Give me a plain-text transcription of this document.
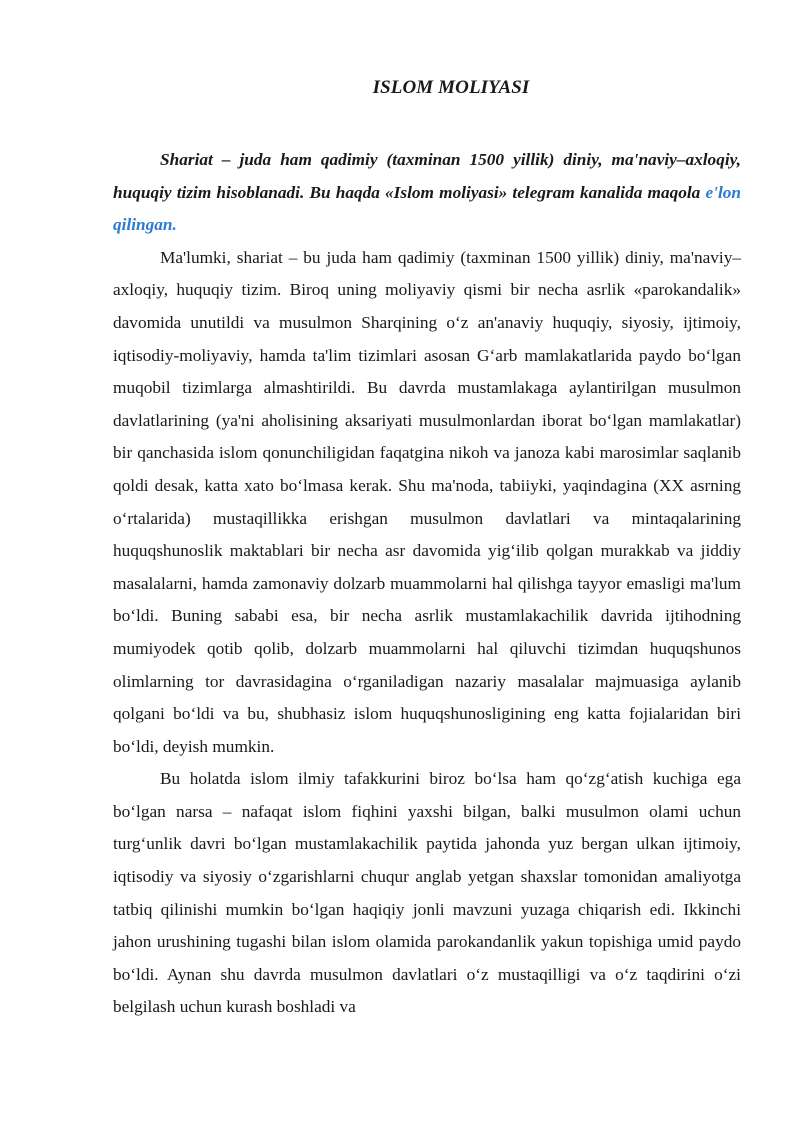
ISLOM MOLIYASI

Shariat – juda ham qadimiy (taxminan 1500 yillik) diniy, ma'naviy–axloqiy, huquqiy tizim hisoblanadi. Bu haqda «Islom moliyasi» telegram kanalida maqola e'lon qilingan.

Ma'lumki, shariat – bu juda ham qadimiy (taxminan 1500 yillik) diniy, ma'naviy–axloqiy, huquqiy tizim. Biroq uning moliyaviy qismi bir necha asrlik «parokandalik» davomida unutildi va musulmon Sharqining o‘z an'anaviy huquqiy, siyosiy, ijtimoiy, iqtisodiy-moliyaviy, hamda ta'lim tizimlari asosan G‘arb mamlakatlarida paydo bo‘lgan muqobil tizimlarga almashtirildi. Bu davrda mustamlakaga aylantirilgan musulmon davlatlarining (ya'ni aholisining aksariyati musulmonlardan iborat bo‘lgan mamlakatlar) bir qanchasida islom qonunchiligidan faqatgina nikoh va janoza kabi marosimlar saqlanib qoldi desak, katta xato bo‘lmasa kerak. Shu ma'noda, tabiiyki, yaqindagina (XX asrning o‘rtalarida) mustaqillikka erishgan musulmon davlatlari va mintaqalarining huquqshunoslik maktablari bir necha asr davomida yig‘ilib qolgan murakkab va jiddiy masalalarni, hamda zamonaviy dolzarb muammolarni hal qilishga tayyor emasligi ma'lum bo‘ldi. Buning sababi esa, bir necha asrlik mustamlakachilik davrida ijtihodning mumiyodek qotib qolib, dolzarb muammolarni hal qiluvchi tizimdan huquqshunos olimlarning tor davrasidagina o‘rganiladigan nazariy masalalar majmuasiga aylanib qolgani bo‘ldi va bu, shubhasiz islom huquqshunosligining eng katta fojialaridan biri bo‘ldi, deyish mumkin.

Bu holatda islom ilmiy tafakkurini biroz bo‘lsa ham qo‘zg‘atish kuchiga ega bo‘lgan narsa – nafaqat islom fiqhini yaxshi bilgan, balki musulmon olami uchun turg‘unlik davri bo‘lgan mustamlakachilik paytida jahonda yuz bergan ulkan ijtimoiy, iqtisodiy va siyosiy o‘zgarishlarni chuqur anglab yetgan shaxslar tomonidan amaliyotga tatbiq qilinishi mumkin bo‘lgan haqiqiy jonli mavzuni yuzaga chiqarish edi. Ikkinchi jahon urushining tugashi bilan islom olamida parokandanlik yakun topishiga umid paydo bo‘ldi. Aynan shu davrda musulmon davlatlari o‘z mustaqilligi va o‘z taqdirini o‘zi belgilash uchun kurash boshladi va
